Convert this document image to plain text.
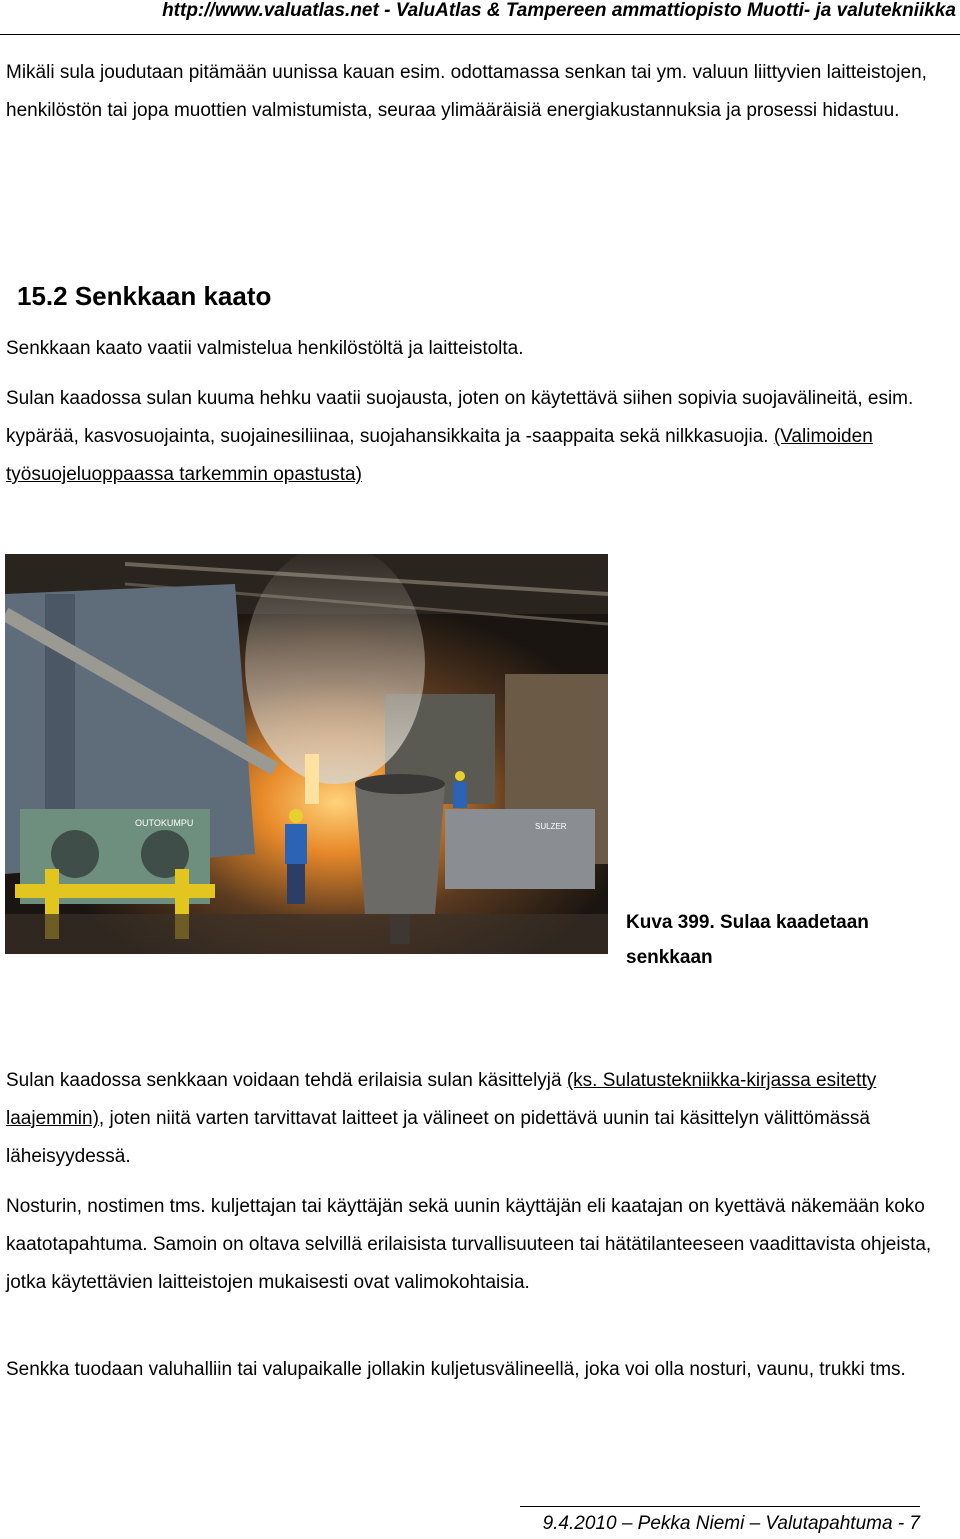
http://www.valuatlas.net - ValuAtlas & Tampereen ammattiopisto Muotti- ja valutekniikka
Mikäli sula joudutaan pitämään uunissa kauan esim. odottamassa senkan tai ym. valuun liittyvien laitteistojen, henkilöstön tai jopa muottien valmistumista, seuraa ylimääräisiä energiakustannuksia ja prosessi hidastuu.
15.2 Senkkaan kaato
Senkkaan kaato vaatii valmistelua henkilöstöltä ja laitteistolta.
Sulan kaadossa sulan kuuma hehku vaatii suojausta, joten on käytettävä siihen sopivia suojavälineitä, esim. kypärää, kasvosuojainta, suojainesiliinaa, suojahansikkaita ja -saappaita sekä nilkkasuojia. (Valimoiden työsuojeluoppaassa tarkemmin opastusta)
OUTOKUMPU	SULZER
Kuva 399. Sulaa kaadetaan senkkaan
Sulan kaadossa senkkaan voidaan tehdä erilaisia sulan käsittelyjä (ks. Sulatustekniikka-kirjassa esitetty laajemmin), joten niitä varten tarvittavat laitteet ja välineet on pidettävä uunin tai käsittelyn välittömässä läheisyydessä.
Nosturin, nostimen tms. kuljettajan tai käyttäjän sekä uunin käyttäjän eli kaatajan on kyettävä näkemään koko kaatotapahtuma. Samoin on oltava selvillä erilaisista turvallisuuteen tai hätätilanteeseen vaadittavista ohjeista, jotka käytettävien laitteistojen mukaisesti ovat valimokohtaisia.
Senkka tuodaan valuhalliin tai valupaikalle jollakin kuljetusvälineellä, joka voi olla nosturi, vaunu, trukki tms.
9.4.2010 – Pekka Niemi – Valutapahtuma - 7
